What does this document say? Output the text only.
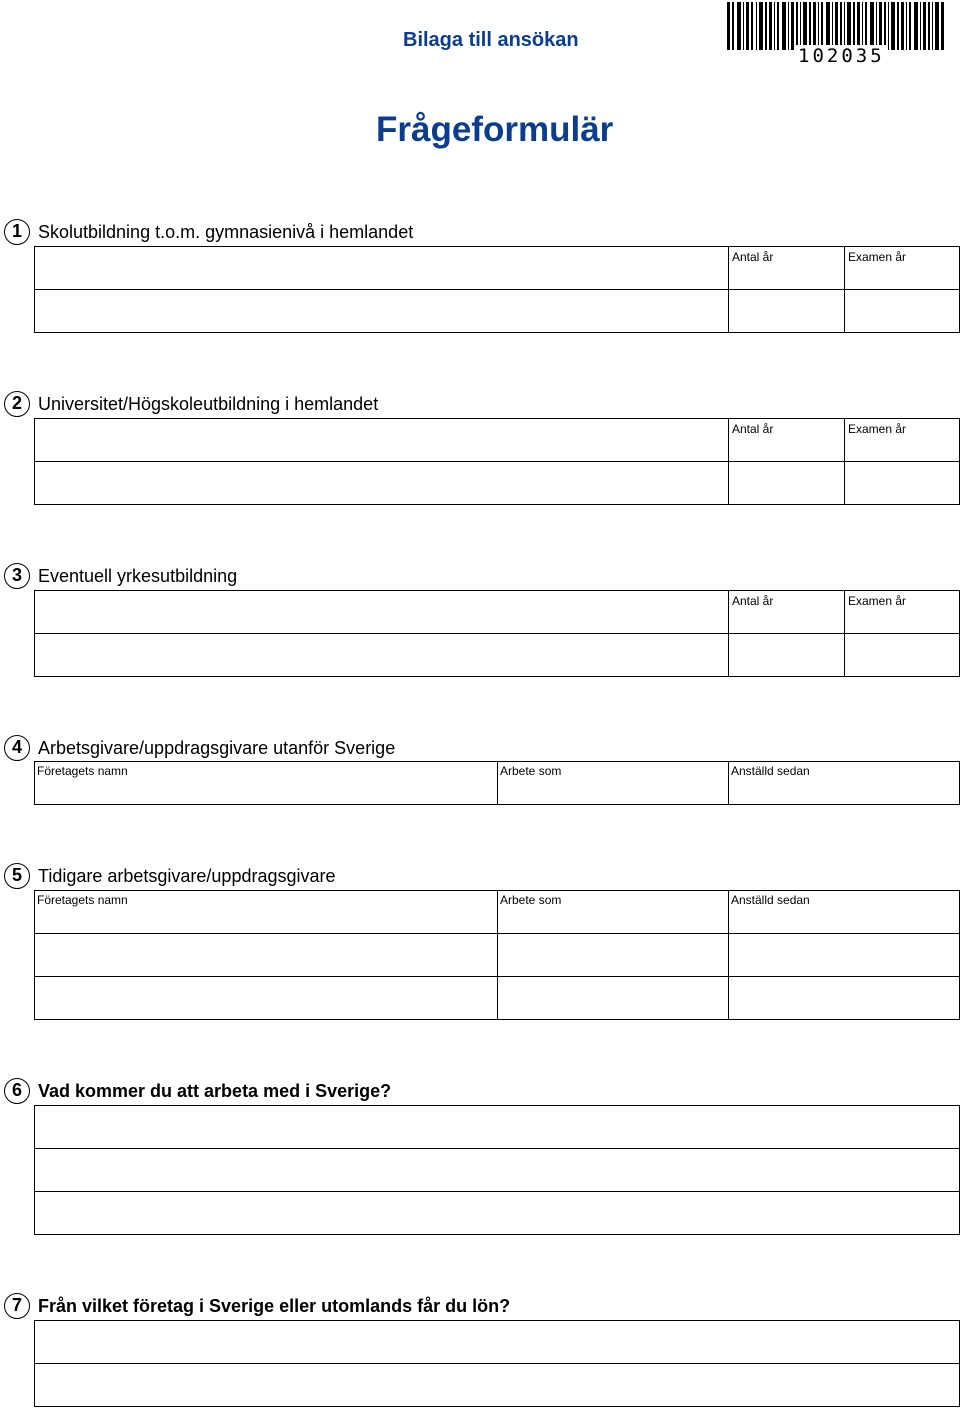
Bilaga till ansökan
102035
Frågeformulär
1 Skolutbildning t.o.m. gymnasienivå i hemlandet
Antal år	Examen år
2 Universitet/Högskoleutbildning i hemlandet
Antal år	Examen år
3 Eventuell yrkesutbildning
Antal år	Examen år
4 Arbetsgivare/uppdragsgivare utanför Sverige
Företagets namn	Arbete som	Anställd sedan
5 Tidigare arbetsgivare/uppdragsgivare
Företagets namn	Arbete som	Anställd sedan
6 Vad kommer du att arbeta med i Sverige?
7 Från vilket företag i Sverige eller utomlands får du lön?
